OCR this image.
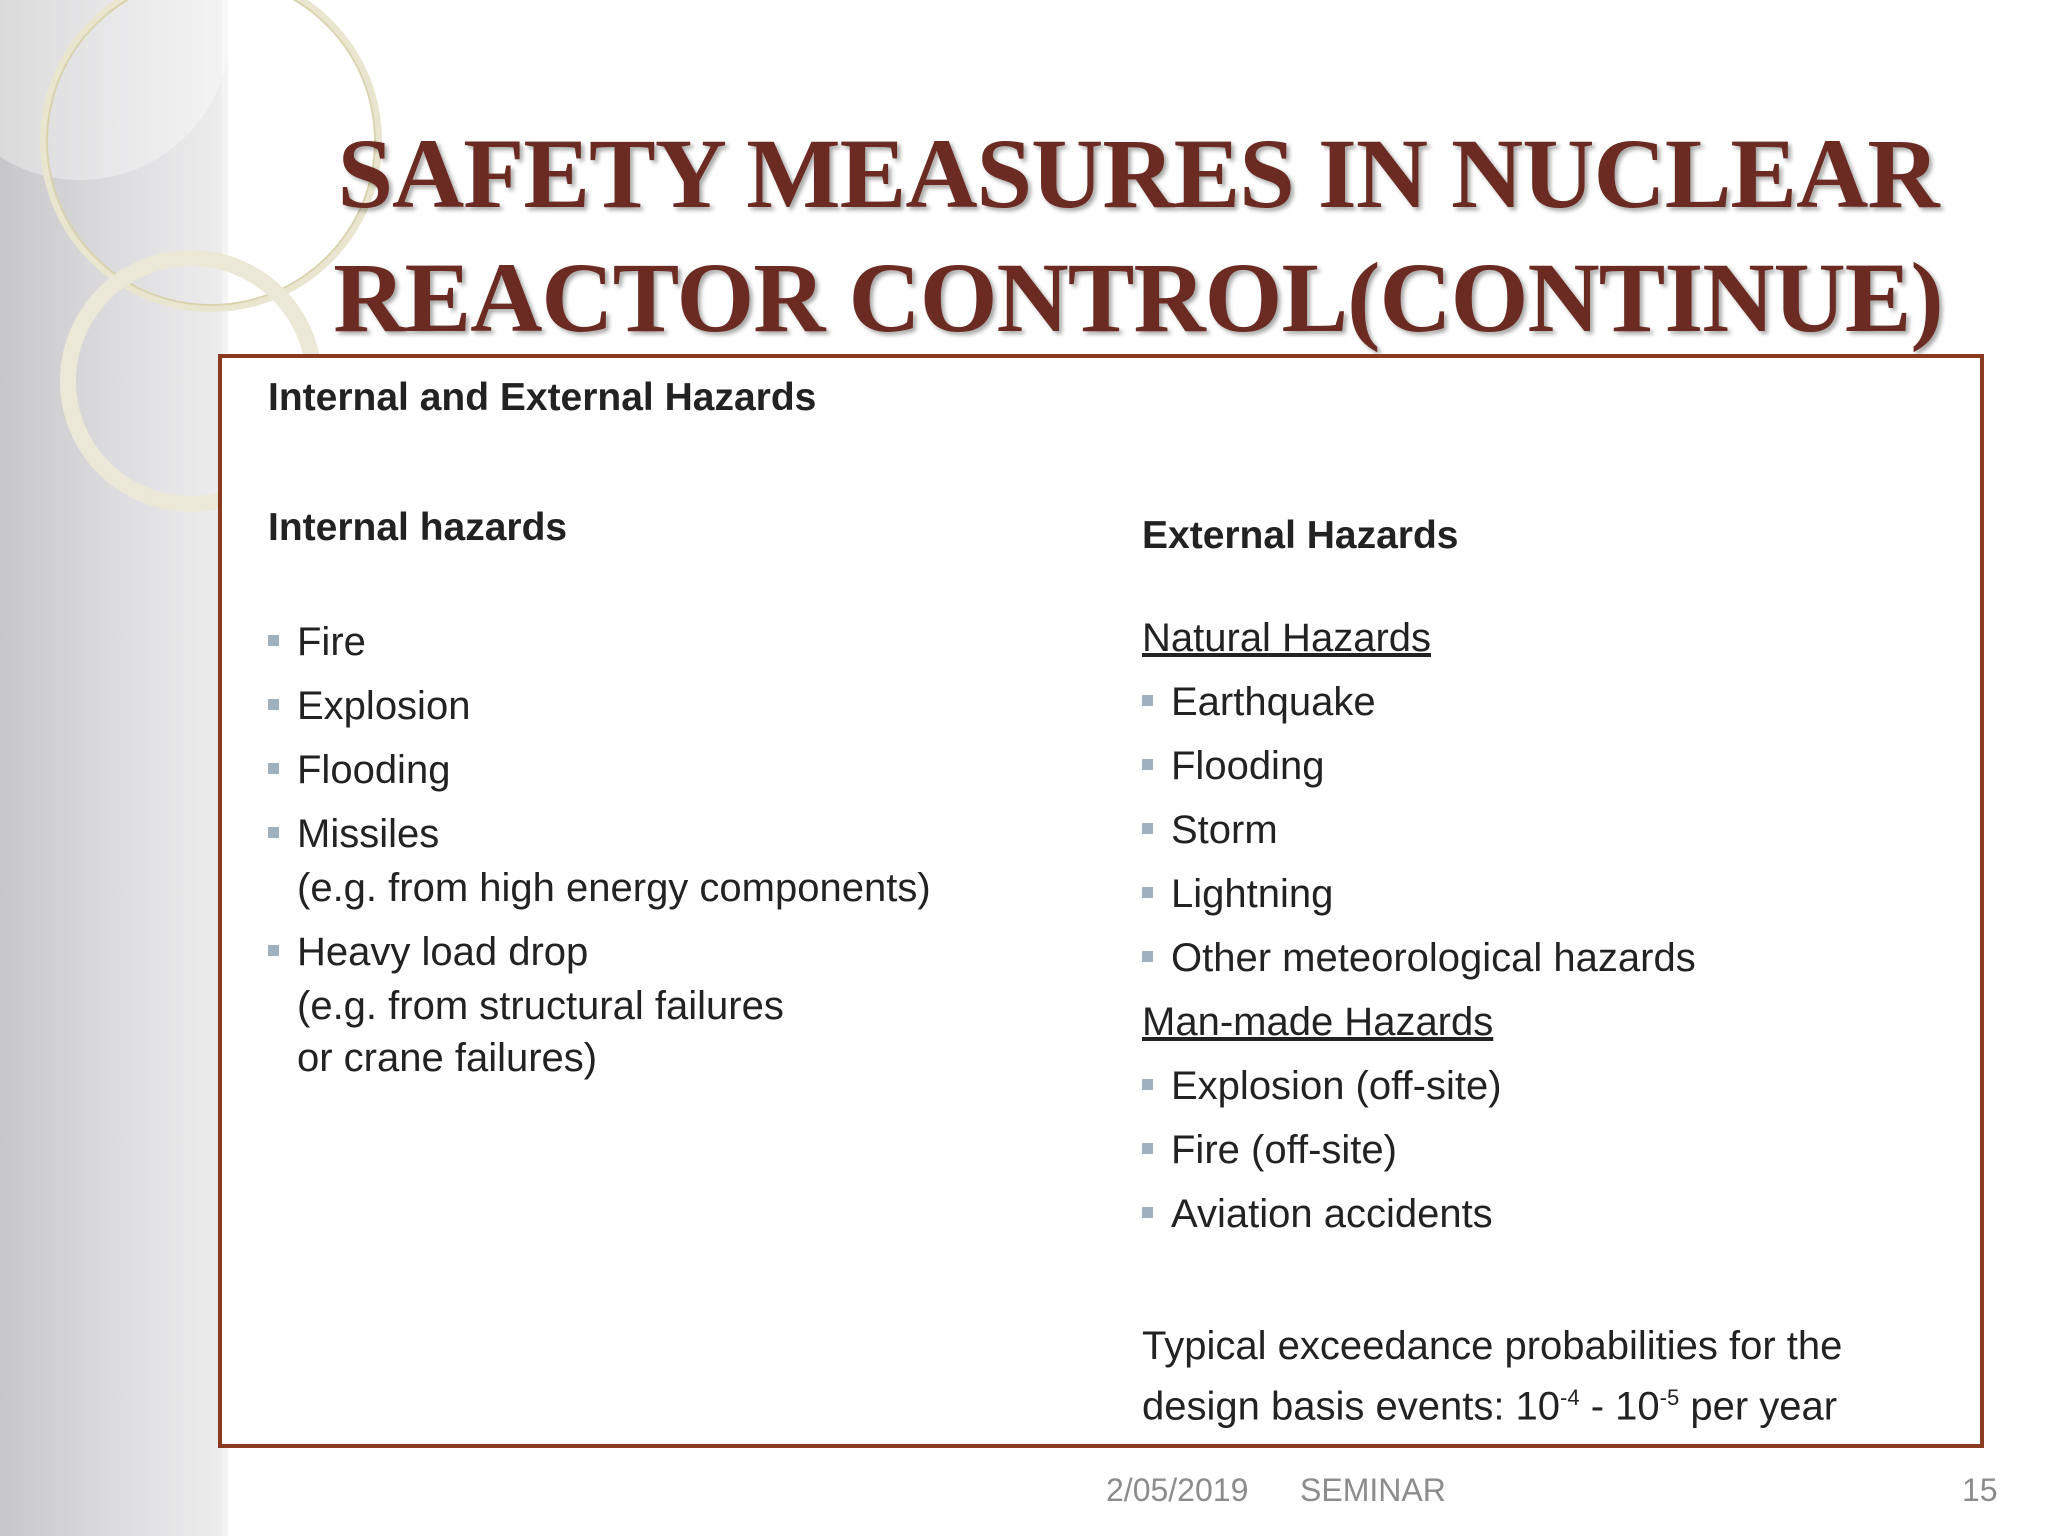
SAFETY MEASURES IN NUCLEAR
REACTOR CONTROL(CONTINUE)
Internal and External Hazards
Internal hazards
Fire
Explosion
Flooding
Missiles
(e.g. from high energy components)
Heavy load drop
(e.g. from structural failures
or crane failures)
External Hazards
Natural Hazards
Earthquake
Flooding
Storm
Lightning
Other meteorological hazards
Man-made Hazards
Explosion (off-site)
Fire (off-site)
Aviation accidents
Typical exceedance probabilities for the
design basis events: $10^{-4} - 10^{-5}$ per year
2/05/2019 SEMINAR	15
